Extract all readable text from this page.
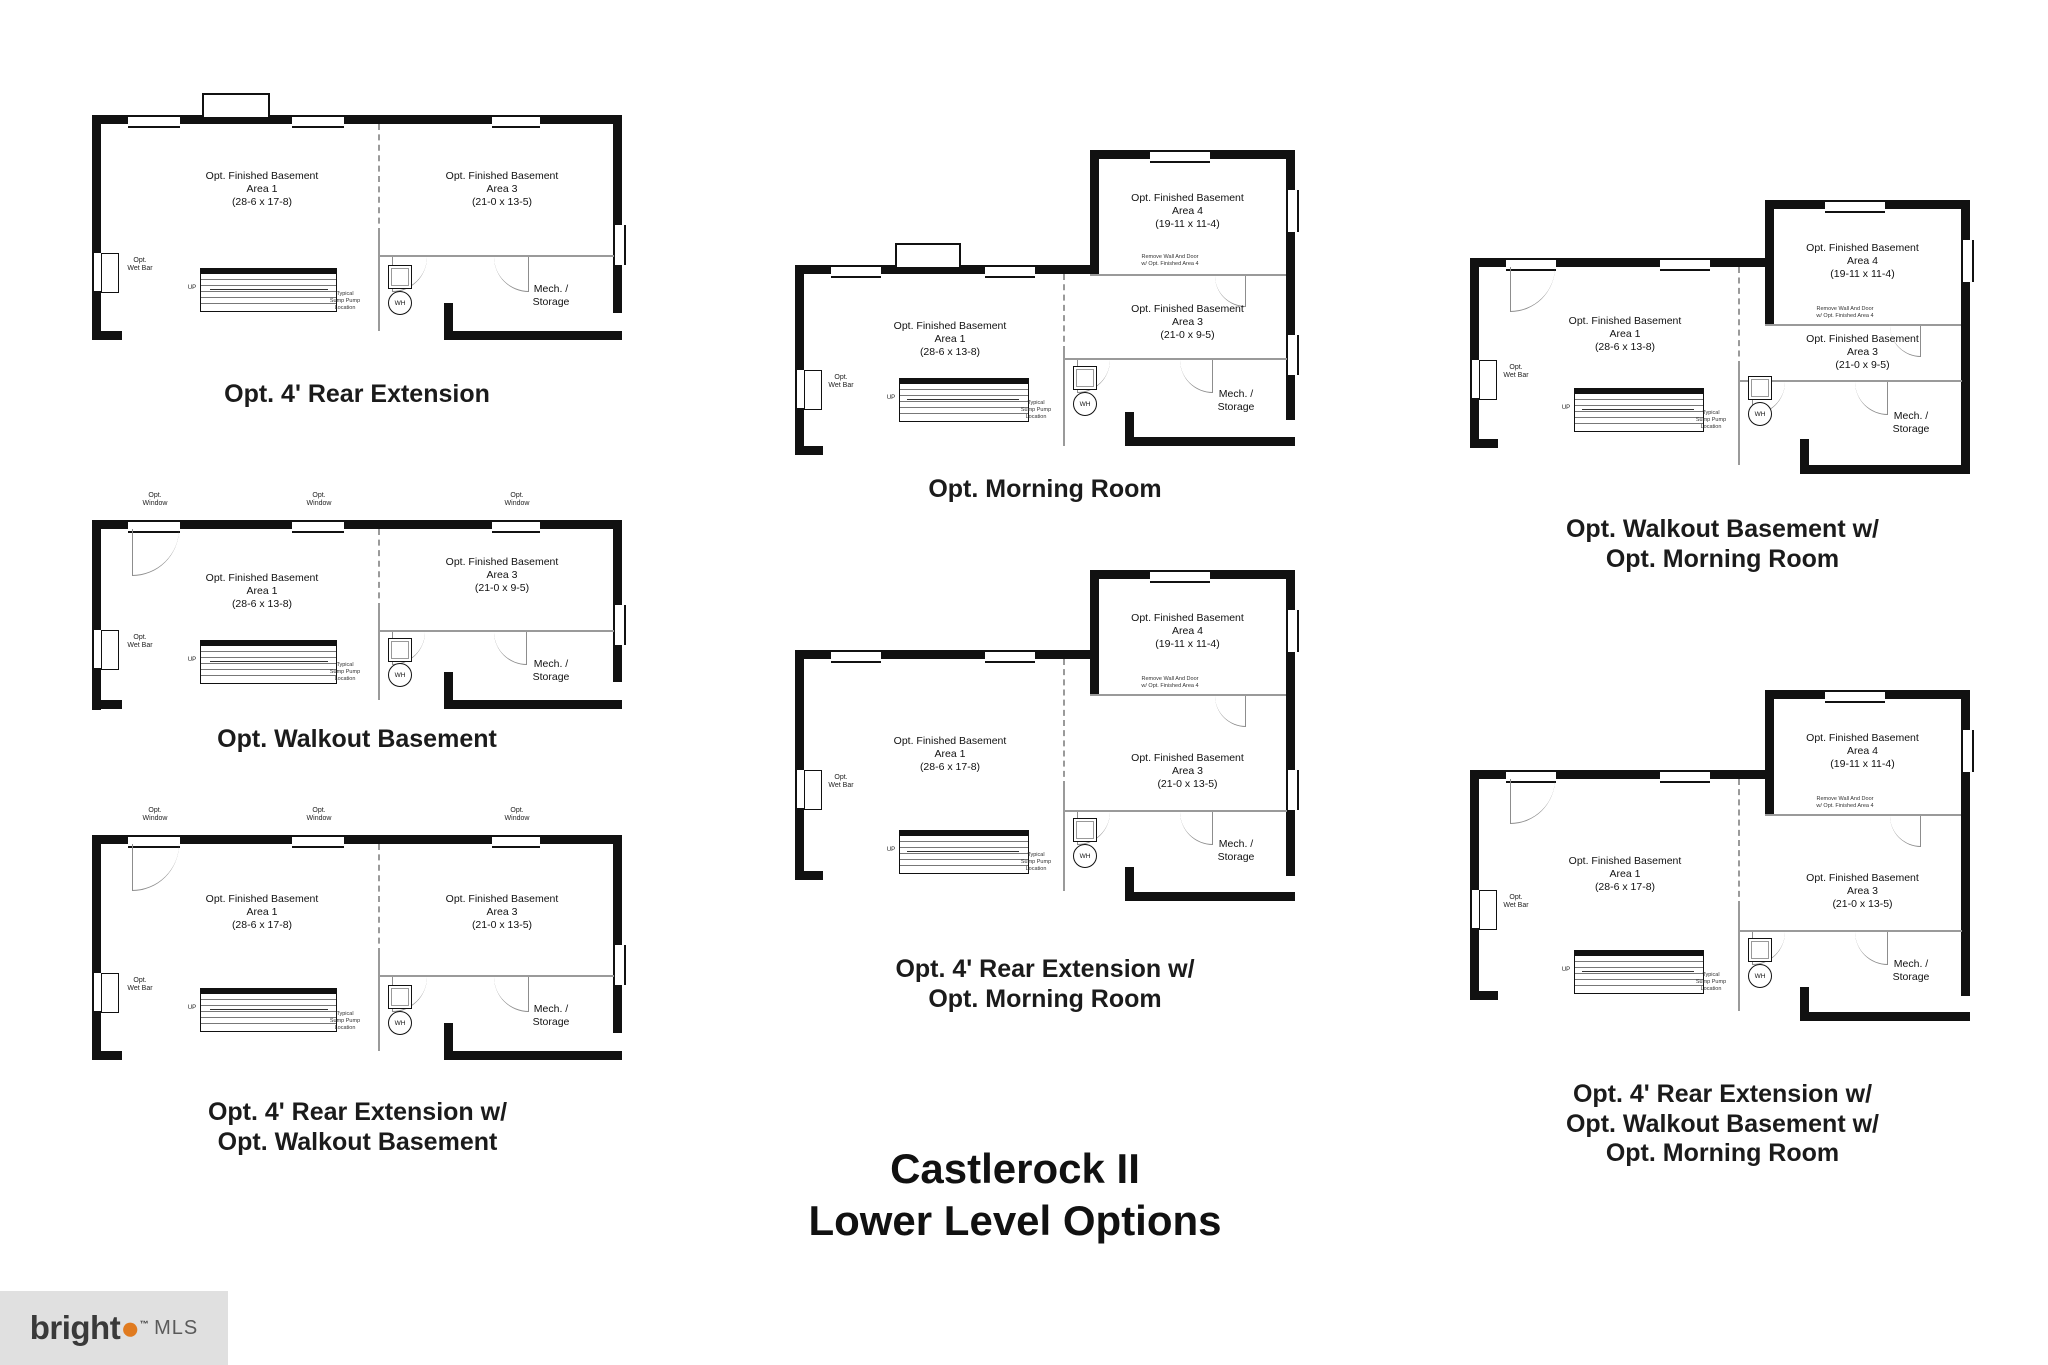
Opt.
Wet Bar
UP
Typical
Sump Pump
Location
WH
Opt. Finished Basement
Area 1
(28-6 x 17-8)
Opt. Finished Basement
Area 3
(21-0 x 13-5)
Mech. /
Storage
Opt. 4' Rear Extension
Opt.
Window
Opt.
Window
Opt.
Window
Opt.
Wet Bar
UP
Typical
Sump Pump
Location
WH
Opt. Finished Basement
Area 1
(28-6 x 13-8)
Opt. Finished Basement
Area 3
(21-0 x 9-5)
Mech. /
Storage
Opt. Walkout Basement
Opt.
Window
Opt.
Window
Opt.
Window
Opt.
Wet Bar
UP
Typical
Sump Pump
Location
WH
Opt. Finished Basement
Area 1
(28-6 x 17-8)
Opt. Finished Basement
Area 3
(21-0 x 13-5)
Mech. /
Storage
Opt. 4' Rear Extension w/
Opt. Walkout Basement
Remove Wall And Door
w/ Opt. Finished Area 4
Opt.
Wet Bar
UP
Typical
Sump Pump
Location
WH
Opt. Finished Basement
Area 4
(19-11 x 11-4)
Opt. Finished Basement
Area 1
(28-6 x 13-8)
Opt. Finished Basement
Area 3
(21-0 x 9-5)
Mech. /
Storage
Opt. Morning Room
Remove Wall And Door
w/ Opt. Finished Area 4
Opt.
Wet Bar
UP
Typical
Sump Pump
Location
WH
Opt. Finished Basement
Area 4
(19-11 x 11-4)
Opt. Finished Basement
Area 1
(28-6 x 17-8)
Opt. Finished Basement
Area 3
(21-0 x 13-5)
Mech. /
Storage
Opt. 4' Rear Extension w/
Opt. Morning Room
Remove Wall And Door
w/ Opt. Finished Area 4
Opt.
Wet Bar
UP
Typical
Sump Pump
Location
WH
Opt. Finished Basement
Area 4
(19-11 x 11-4)
Opt. Finished Basement
Area 1
(28-6 x 13-8)
Opt. Finished Basement
Area 3
(21-0 x 9-5)
Mech. /
Storage
Opt. Walkout Basement w/
Opt. Morning Room
Remove Wall And Door
w/ Opt. Finished Area 4
Opt.
Wet Bar
UP
Typical
Sump Pump
Location
WH
Opt. Finished Basement
Area 4
(19-11 x 11-4)
Opt. Finished Basement
Area 1
(28-6 x 17-8)
Opt. Finished Basement
Area 3
(21-0 x 13-5)
Mech. /
Storage
Opt. 4' Rear Extension w/
Opt. Walkout Basement w/
Opt. Morning Room
Castlerock II
Lower Level Options
bright●™ MLS
